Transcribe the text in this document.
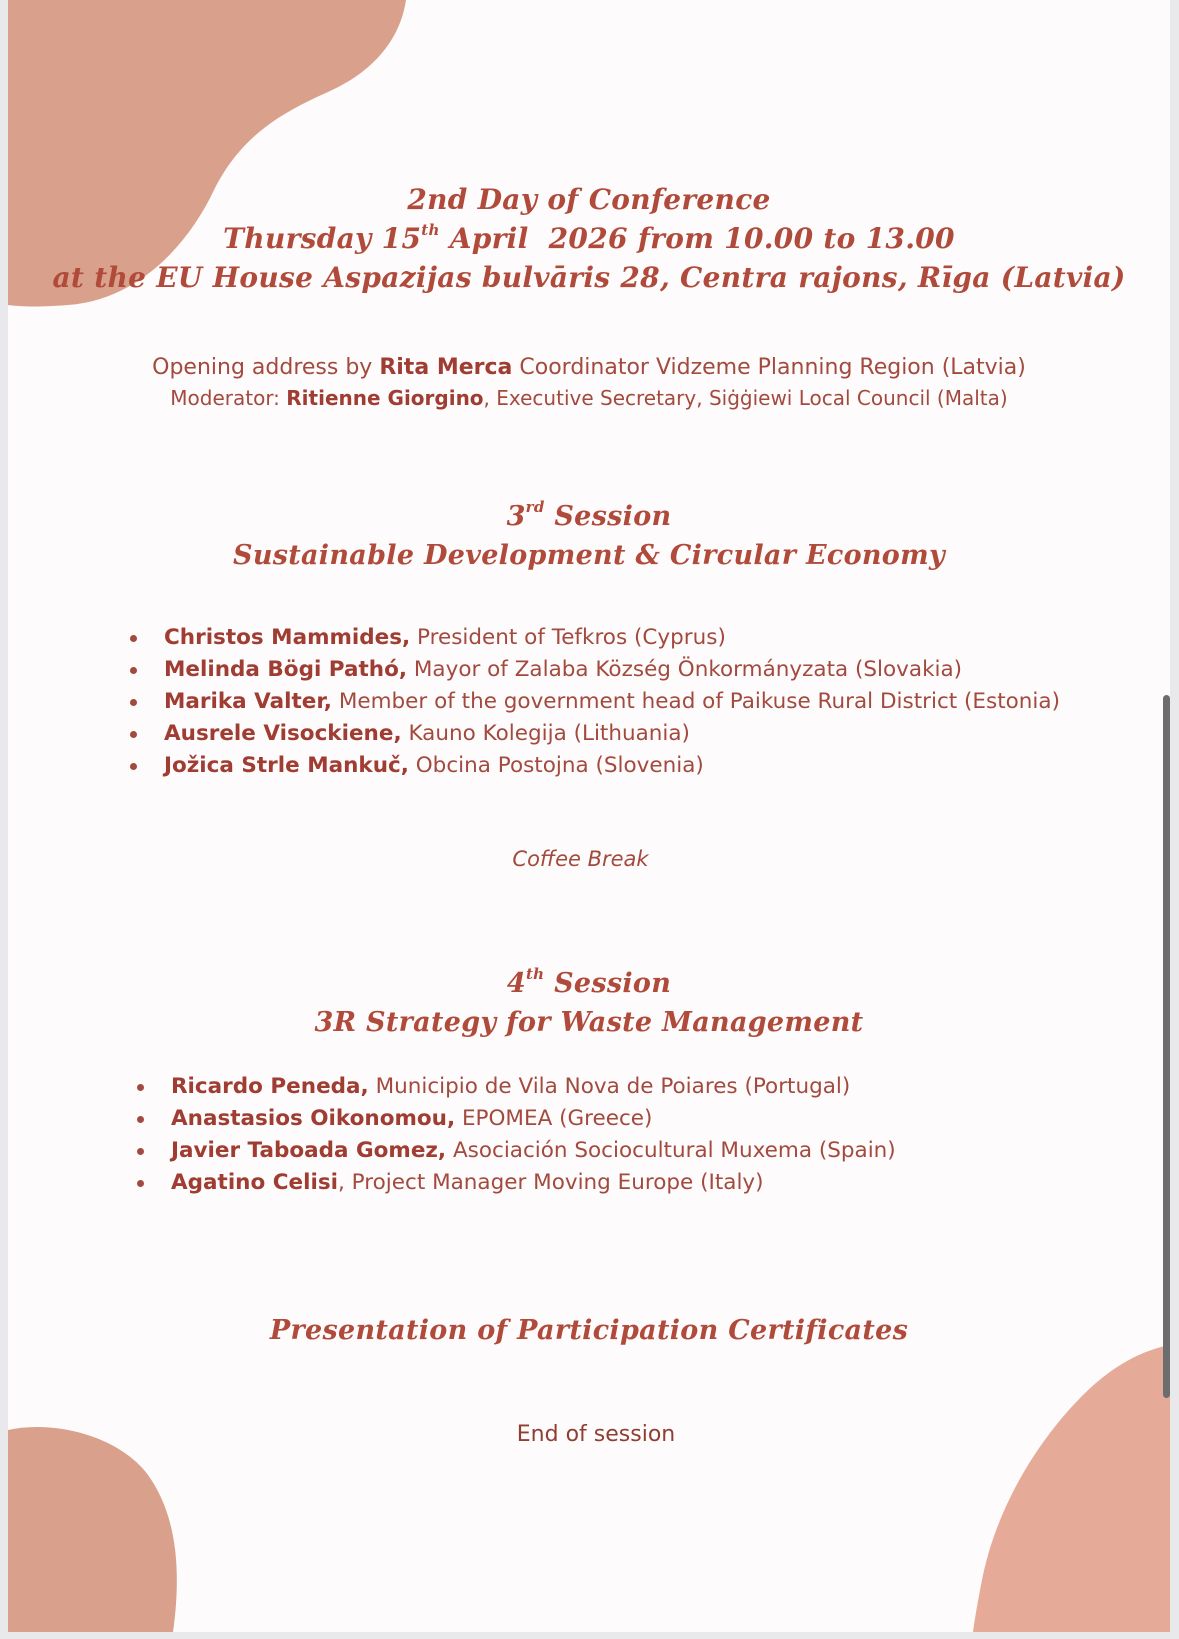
2nd Day of Conference
Thursday 15th April  2026 from 10.00 to 13.00
at the EU House Aspazijas bulvāris 28, Centra rajons, Rīga (Latvia)
Opening address by Rita Merca Coordinator Vidzeme Planning Region (Latvia)
Moderator: Ritienne Giorgino, Executive Secretary, Siġġiewi Local Council (Malta)
3rd Session
Sustainable Development & Circular Economy
Christos Mammides, President of Tefkros (Cyprus)
Melinda Bögi Pathó, Mayor of Zalaba Község Önkormányzata (Slovakia)
Marika Valter, Member of the government head of Paikuse Rural District (Estonia)
Ausrele Visockiene, Kauno Kolegija (Lithuania)
Jožica Strle Mankuč, Obcina Postojna (Slovenia)
Coffee Break
4th Session
3R Strategy for Waste Management
Ricardo Peneda, Municipio de Vila Nova de Poiares (Portugal)
Anastasios Oikonomou, EPOMEA (Greece)
Javier Taboada Gomez, Asociación Sociocultural Muxema (Spain)
Agatino Celisi, Project Manager Moving Europe (Italy)
Presentation of Participation Certificates
End of session
